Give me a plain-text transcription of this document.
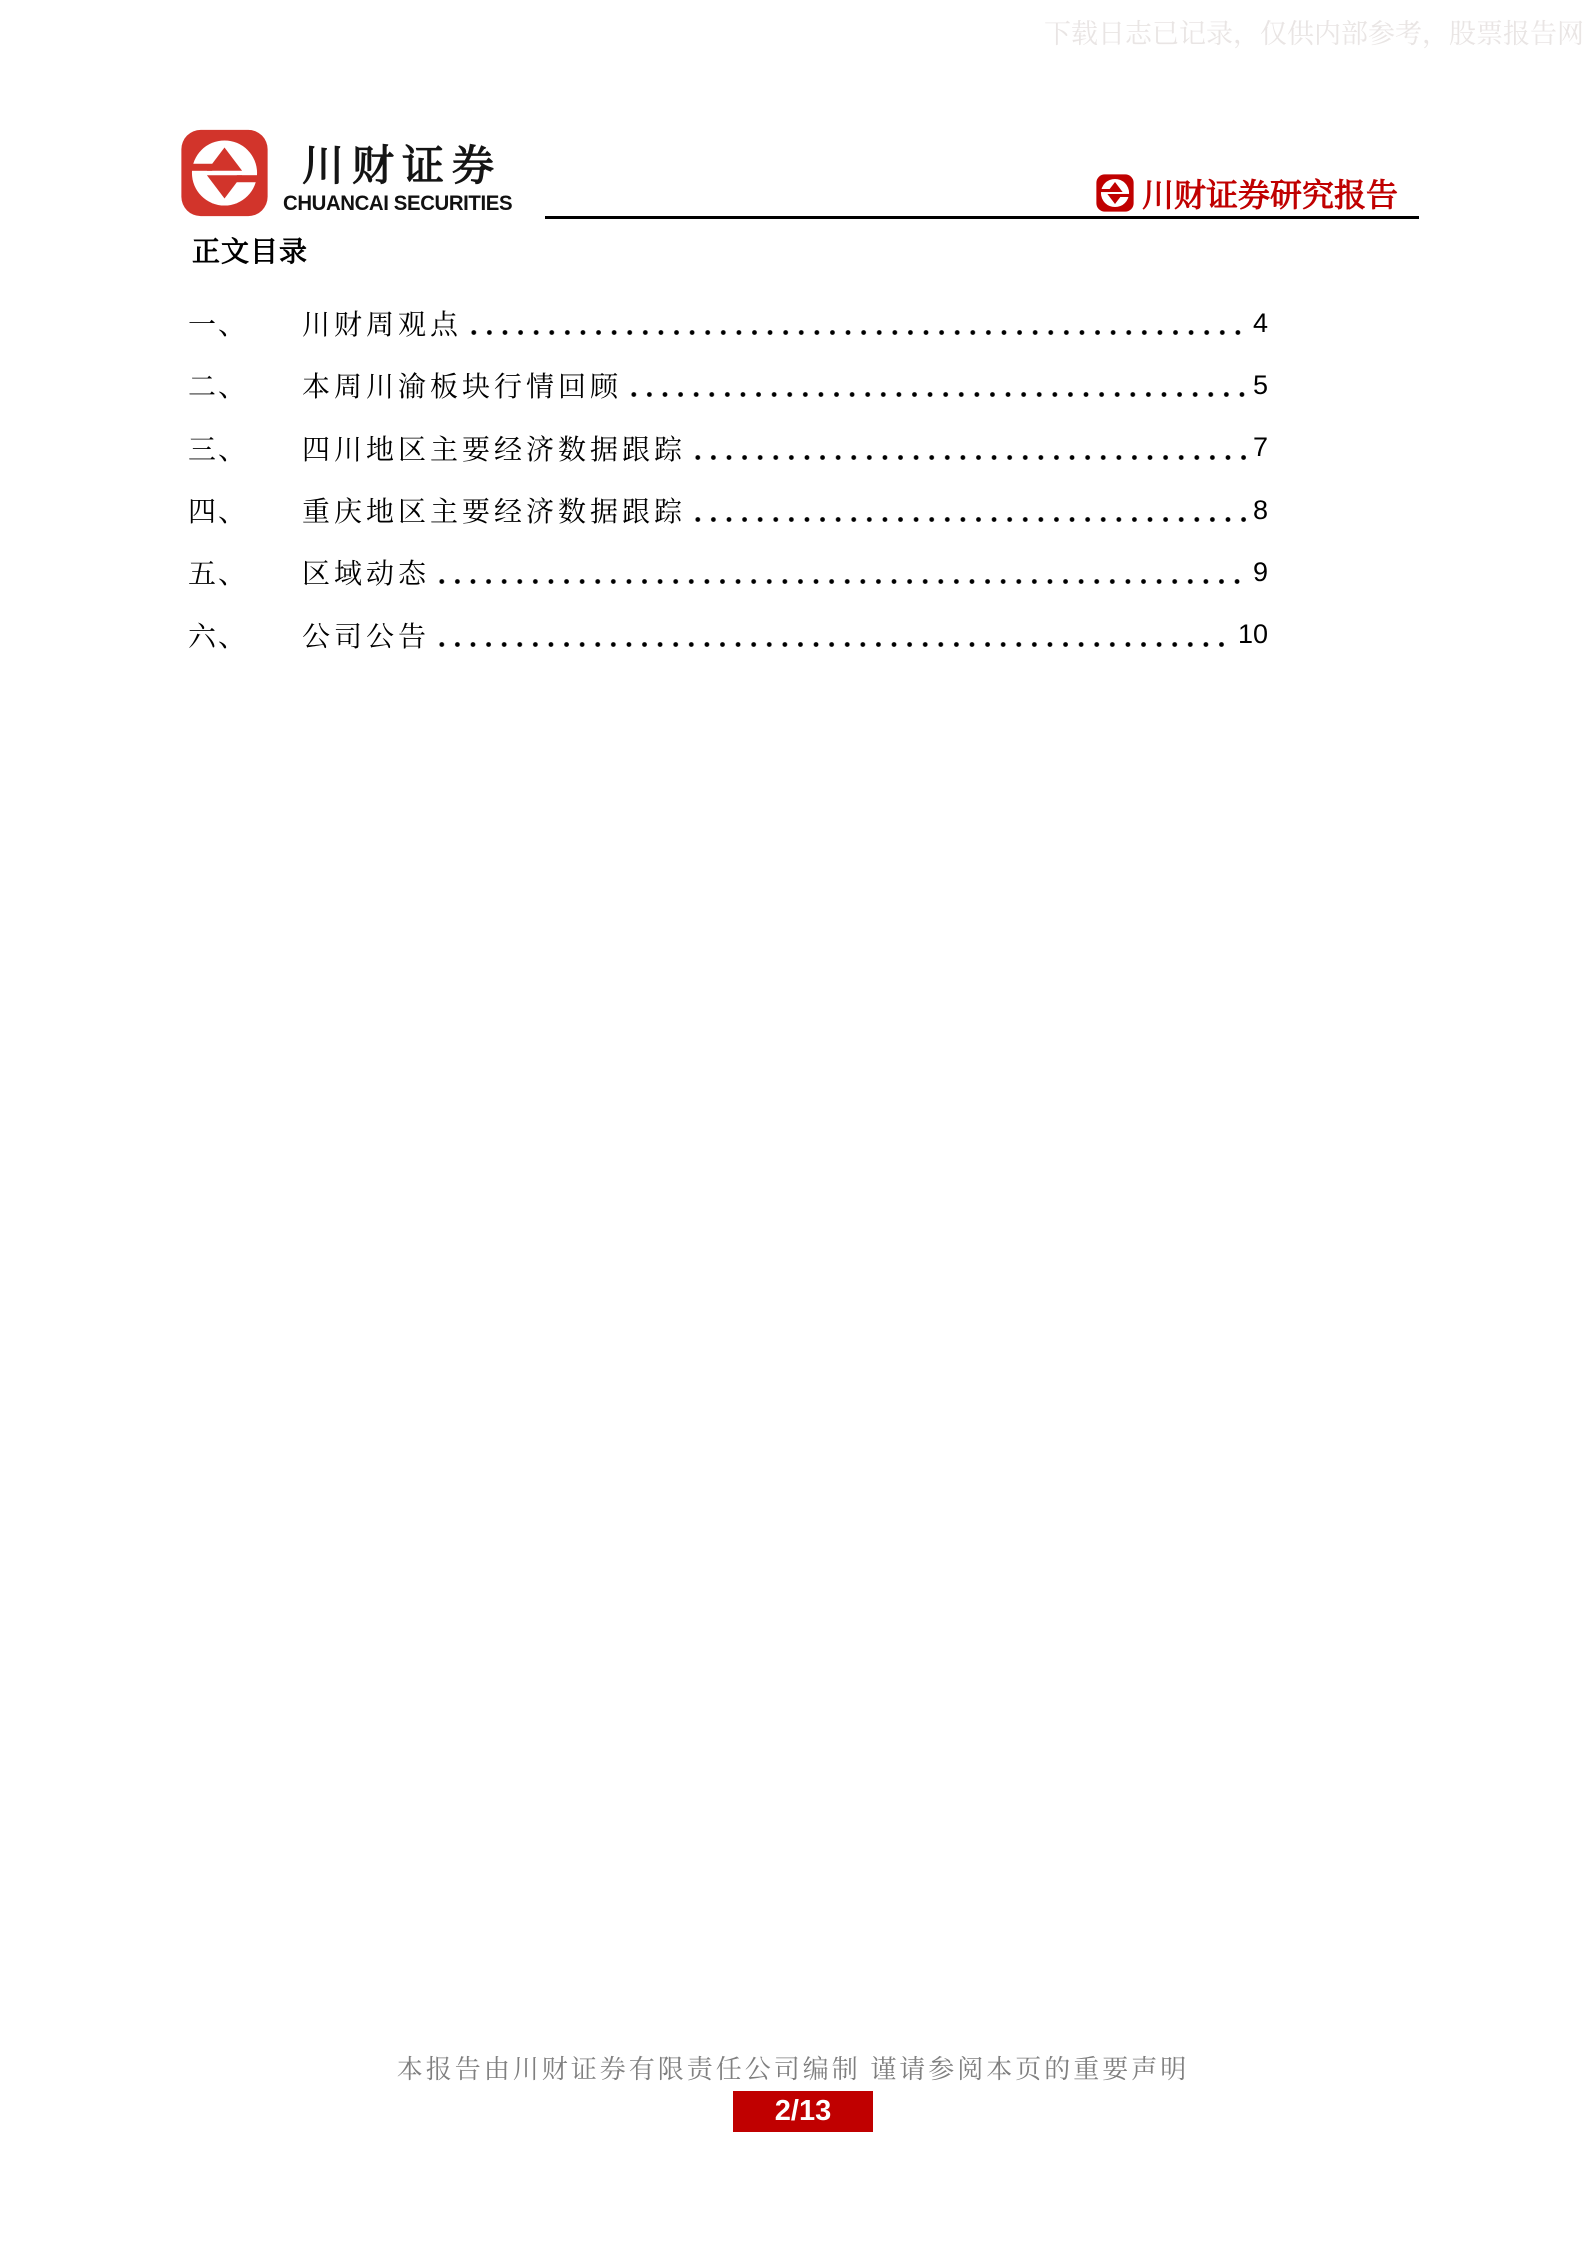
下载日志已记录，仅供内部参考，股票报告网
川财证券
CHUANCAI SECURITIES	川财证券研究报告
正文目录
一、	川财周观点	4
二、	本周川渝板块行情回顾	5
三、	四川地区主要经济数据跟踪	7
四、	重庆地区主要经济数据跟踪	8
五、	区域动态	9
六、	公司公告	10
本报告由川财证券有限责任公司编制 谨请参阅本页的重要声明
2/13
